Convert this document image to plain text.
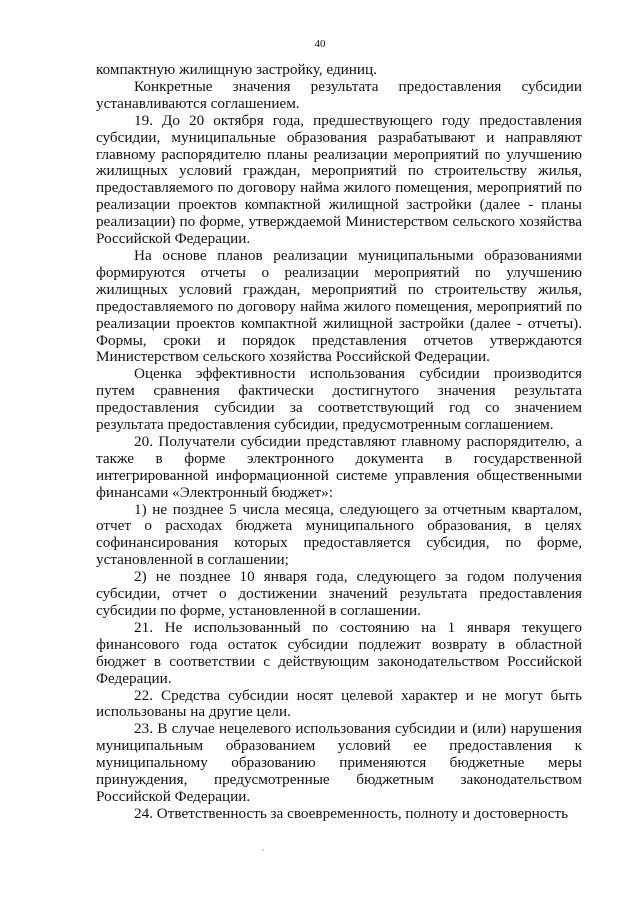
40

компактную жилищную застройку, единиц.

Конкретные значения результата предоставления субсидии устанавливаются соглашением.

19. До 20 октября года, предшествующего году предоставления субсидии, муниципальные образования разрабатывают и направляют главному распорядителю планы реализации мероприятий по улучшению жилищных условий граждан, мероприятий по строительству жилья, предоставляемого по договору найма жилого помещения, мероприятий по реализации проектов компактной жилищной застройки (далее - планы реализации) по форме, утверждаемой Министерством сельского хозяйства Российской Федерации.

На основе планов реализации муниципальными образованиями формируются отчеты о реализации мероприятий по улучшению жилищных условий граждан, мероприятий по строительству жилья, предоставляемого по договору найма жилого помещения, мероприятий по реализации проектов компактной жилищной застройки (далее - отчеты). Формы, сроки и порядок представления отчетов утверждаются Министерством сельского хозяйства Российской Федерации.

Оценка эффективности использования субсидии производится путем сравнения фактически достигнутого значения результата предоставления субсидии за соответствующий год со значением результата предоставления субсидии, предусмотренным соглашением.

20. Получатели субсидии представляют главному распорядителю, а также в форме электронного документа в государственной интегрированной информационной системе управления общественными финансами «Электронный бюджет»:

1) не позднее 5 числа месяца, следующего за отчетным кварталом, отчет о расходах бюджета муниципального образования, в целях софинансирования которых предоставляется субсидия, по форме, установленной в соглашении;

2) не позднее 10 января года, следующего за годом получения субсидии, отчет о достижении значений результата предоставления субсидии по форме, установленной в соглашении.

21. Не использованный по состоянию на 1 января текущего финансового года остаток субсидии подлежит возврату в областной бюджет в соответствии с действующим законодательством Российской Федерации.

22. Средства субсидии носят целевой характер и не могут быть использованы на другие цели.

23. В случае нецелевого использования субсидии и (или) нарушения муниципальным образованием условий ее предоставления к муниципальному образованию применяются бюджетные меры принуждения, предусмотренные бюджетным законодательством Российской Федерации.

24. Ответственность за своевременность, полноту и достоверность
